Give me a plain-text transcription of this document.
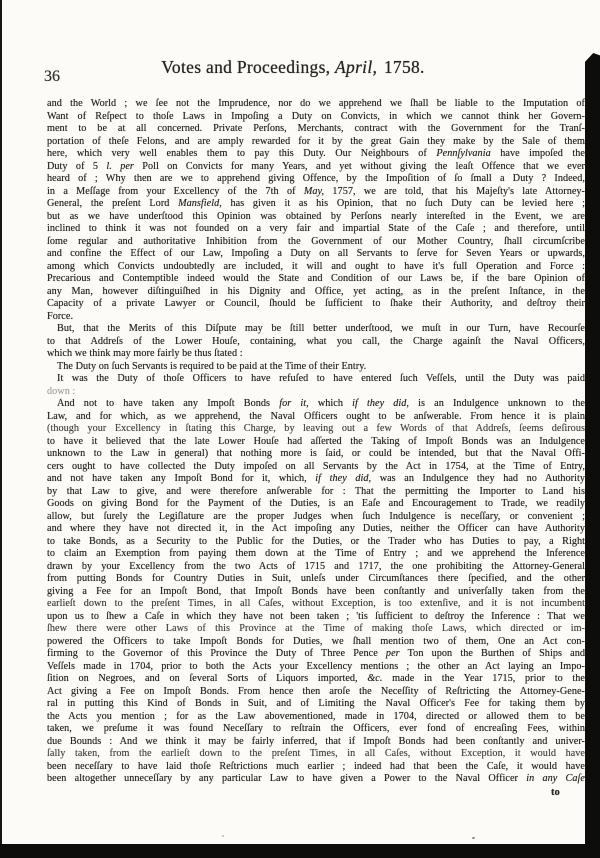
36	Votes and Proceedings, April, 1758.
and the World ; we ſee not the Imprudence, nor do we apprehend we ſhall be liable to the Imputation of
Want of Reſpect to thoſe Laws in Impoſing a Duty on Convicts, in which we cannot think her Govern-
ment to be at all concerned. Private Perſons, Merchants, contract with the Government for the Tranſ-
portation of theſe Felons, and are amply rewarded for it by the great Gain they make by the Sale of them
here, which very well enables them to pay this Duty. Our Neighbours of Pennſylvania have impoſed the
Duty of 5 l. per Poll on Convicts for many Years, and yet without giving the leaſt Offence that we ever
heard of ; Why then are we to apprehend giving Offence, by the Impoſition of ſo ſmall a Duty ? Indeed,
in a Meſſage from your Excellency of the 7th of May, 1757, we are told, that his Majeſty's late Attorney-
General, the preſent Lord Mansfield, has given it as his Opinion, that no ſuch Duty can be levied here ;
but as we have underſtood this Opinion was obtained by Perſons nearly intereſted in the Event, we are
inclined to think it was not founded on a very fair and impartial State of the Caſe ; and therefore, until
ſome regular and authoritative Inhibition from the Government of our Mother Country, ſhall circumſcribe
and confine the Effect of our Law, Impoſing a Duty on all Servants to ſerve for Seven Years or upwards,
among which Convicts undoubtedly are included, it will and ought to have it's full Operation and Force :
Precarious and Contemptible indeed would the State and Condition of our Laws be, if the bare Opinion of
any Man, however diſtinguiſhed in his Dignity and Office, yet acting, as in the preſent Inſtance, in the
Capacity of a private Lawyer or Council, ſhould be ſufficient to ſhake their Authority, and deſtroy their
Force.
But, that the Merits of this Diſpute may be ſtill better underſtood, we muſt in our Turn, have Recourſe
to that Addreſs of the Lower Houſe, containing, what you call, the Charge againſt the Naval Officers,
which we think may more fairly be thus ſtated :
The Duty on ſuch Servants is required to be paid at the Time of their Entry.
It was the Duty of thoſe Officers to have refuſed to have entered ſuch Veſſels, until the Duty was paid
down :
And not to have taken any Impoſt Bonds for it, which if they did, is an Indulgence unknown to the
Law, and for which, as we apprehend, the Naval Officers ought to be anſwerable. From hence it is plain
(though your Excellency in ſtating this Charge, by leaving out a few Words of that Addreſs, ſeems deſirous
to have it believed that the late Lower Houſe had aſſerted the Taking of Impoſt Bonds was an Indulgence
unknown to the Law in general) that nothing more is ſaid, or could be intended, but that the Naval Offi-
cers ought to have collected the Duty impoſed on all Servants by the Act in 1754, at the Time of Entry,
and not have taken any Impoſt Bond for it, which, if they did, was an Indulgence they had no Authority
by that Law to give, and were therefore anſwerable for : That the permitting the Importer to Land his
Goods on giving Bond for the Payment of the Duties, is an Eaſe and Encouragement to Trade, we readily
allow, but ſurely the Legiſlature are the proper Judges when ſuch Indulgence is neceſſary, or convenient ;
and where they have not directed it, in the Act impoſing any Duties, neither the Officer can have Authority
to take Bonds, as a Security to the Public for the Duties, or the Trader who has Duties to pay, a Right
to claim an Exemption from paying them down at the Time of Entry ; and we apprehend the Inference
drawn by your Excellency from the two Acts of 1715 and 1717, the one prohibiting the Attorney-General
from putting Bonds for Country Duties in Suit, unleſs under Circumſtances there ſpecified, and the other
giving a Fee for an Impoſt Bond, that Impoſt Bonds have been conſtantly and univerſally taken from the
earlieſt down to the preſent Times, in all Caſes, without Exception, is too extenſive, and it is not incumbent
upon us to ſhew a Caſe in which they have not been taken ; 'tis ſufficient to deſtroy the Inference : That we
ſhew there were other Laws of this Province at the Time of making thoſe Laws, which directed or im-
powered the Officers to take Impoſt Bonds for Duties, we ſhall mention two of them, One an Act con-
firming to the Governor of this Province the Duty of Three Pence per Ton upon the Burthen of Ships and
Veſſels made in 1704, prior to both the Acts your Excellency mentions ; the other an Act laying an Impo-
ſition on Negroes, and on ſeveral Sorts of Liquors imported, &c. made in the Year 1715, prior to the
Act giving a Fee on Impoſt Bonds. From hence then aroſe the Neceſſity of Reſtricting the Attorney-Gene-
ral in putting this Kind of Bonds in Suit, and of Limiting the Naval Officer's Fee for taking them by
the Acts you mention ; for as the Law abovementioned, made in 1704, directed or allowed them to be
taken, we preſume it was found Neceſſary to reſtrain the Officers, ever fond of encreaſing Fees, within
due Bounds : And we think it may be fairly inferred, that if Impoſt Bonds had been conſtantly and univer-
ſally taken, from the earlieſt down to the preſent Times, in all Caſes, without Exception, it would have
been neceſſary to have laid thoſe Reſtrictions much earlier ; indeed had that been the Caſe, it would have
been altogether unneceſſary by any particular Law to have given a Power to the Naval Officer in any Caſe
to
